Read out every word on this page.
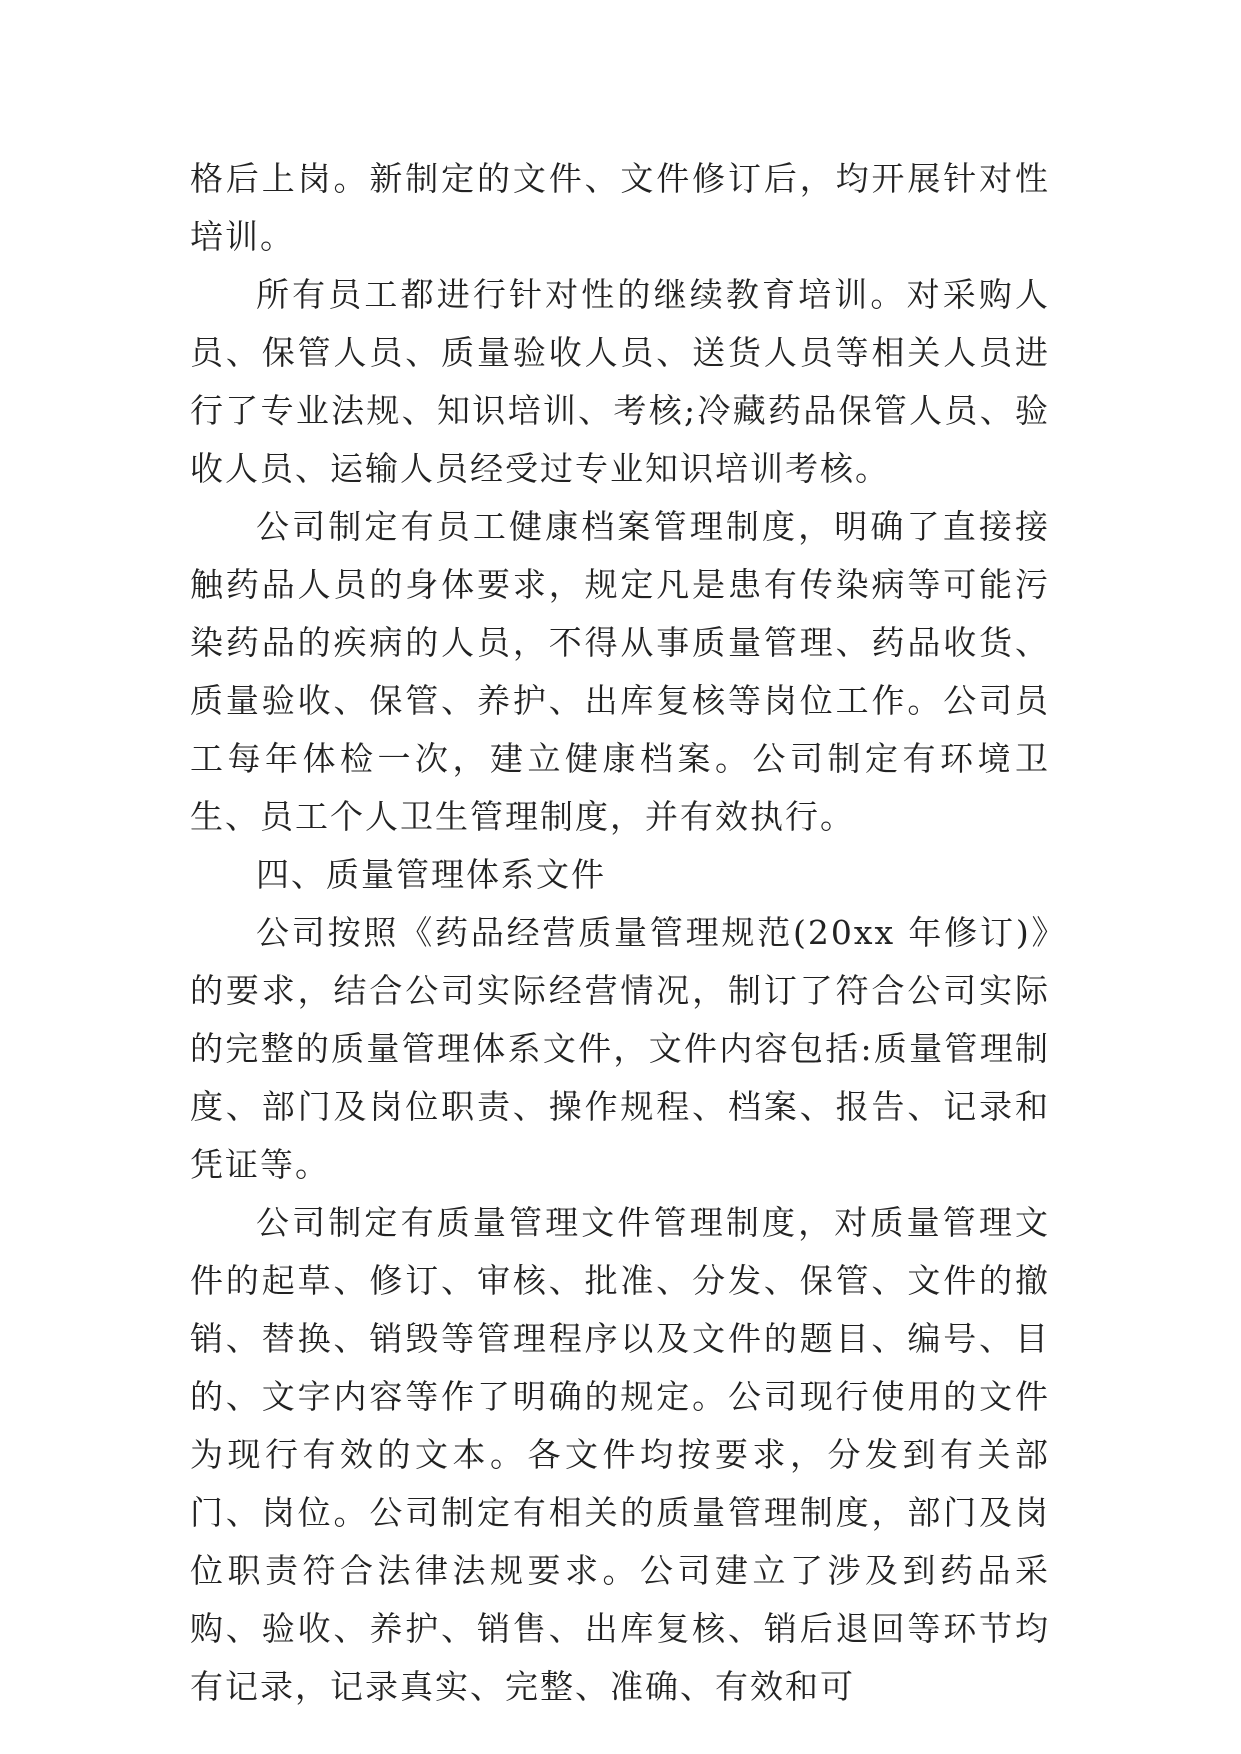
格后上岗。新制定的文件、文件修订后，均开展针对性培训。

所有员工都进行针对性的继续教育培训。对采购人员、保管人员、质量验收人员、送货人员等相关人员进行了专业法规、知识培训、考核;冷藏药品保管人员、验收人员、运输人员经受过专业知识培训考核。

公司制定有员工健康档案管理制度，明确了直接接触药品人员的身体要求，规定凡是患有传染病等可能污染药品的疾病的人员，不得从事质量管理、药品收货、质量验收、保管、养护、出库复核等岗位工作。公司员工每年体检一次，建立健康档案。公司制定有环境卫生、员工个人卫生管理制度，并有效执行。

四、质量管理体系文件

公司按照《药品经营质量管理规范(20xx 年修订)》的要求，结合公司实际经营情况，制订了符合公司实际的完整的质量管理体系文件，文件内容包括:质量管理制度、部门及岗位职责、操作规程、档案、报告、记录和凭证等。

公司制定有质量管理文件管理制度，对质量管理文件的起草、修订、审核、批准、分发、保管、文件的撤销、替换、销毁等管理程序以及文件的题目、编号、目的、文字内容等作了明确的规定。公司现行使用的文件为现行有效的文本。各文件均按要求，分发到有关部门、岗位。公司制定有相关的质量管理制度，部门及岗位职责符合法律法规要求。公司建立了涉及到药品采购、验收、养护、销售、出库复核、销后退回等环节均有记录，记录真实、完整、准确、有效和可
